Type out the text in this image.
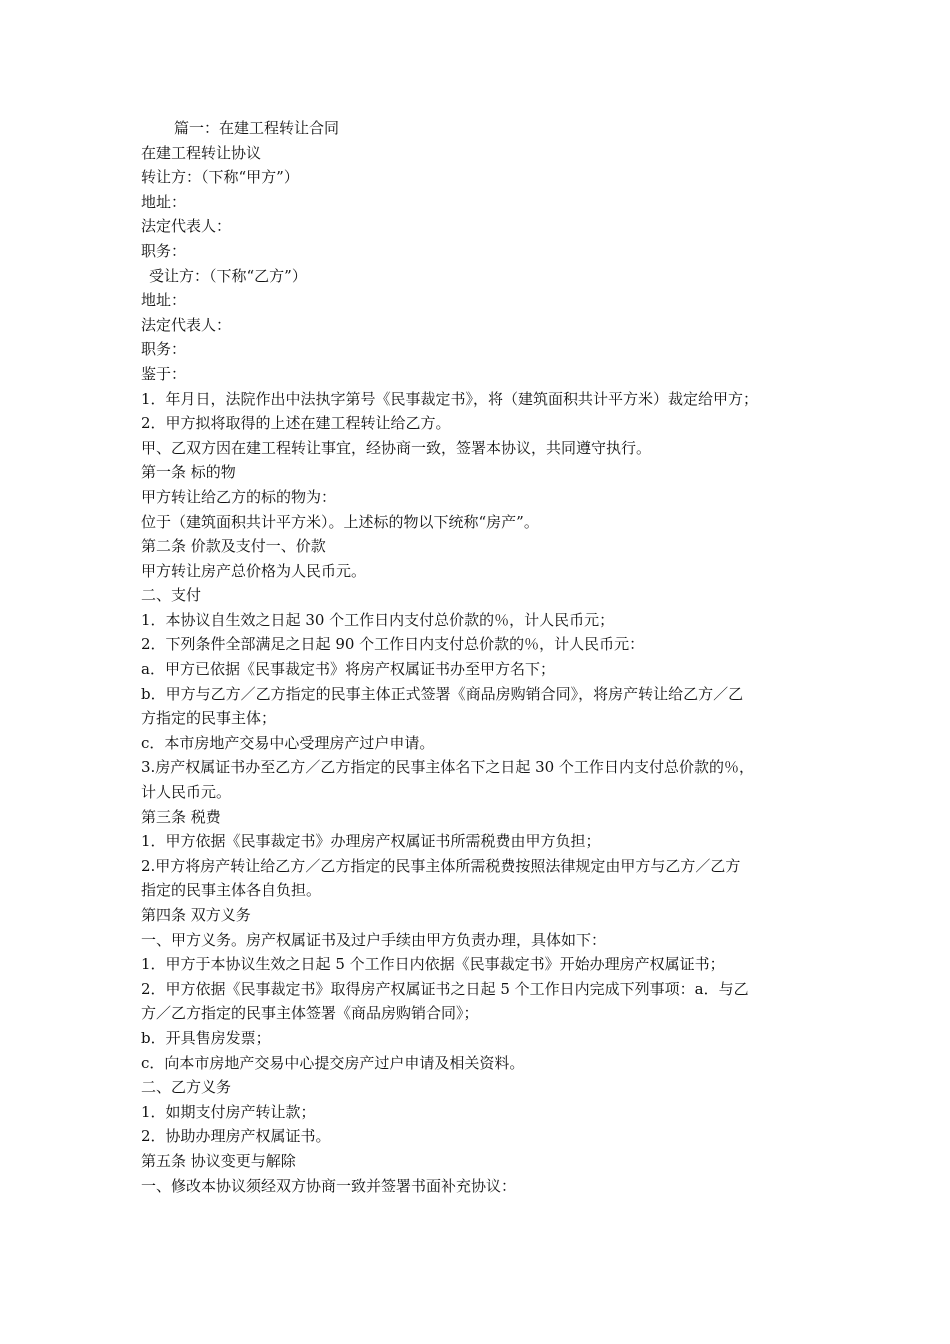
篇一：在建工程转让合同
在建工程转让协议
转让方：（下称“甲方”）
地址：
法定代表人：
职务：
受让方：（下称“乙方”）
地址：
法定代表人：
职务：
鉴于：
1．年月日，法院作出中法执字第号《民事裁定书》，将（建筑面积共计平方米）裁定给甲方；
2．甲方拟将取得的上述在建工程转让给乙方。
甲、乙双方因在建工程转让事宜，经协商一致，签署本协议，共同遵守执行。
第一条 标的物
甲方转让给乙方的标的物为：
位于（建筑面积共计平方米）。上述标的物以下统称“房产”。
第二条 价款及支付一、价款
甲方转让房产总价格为人民币元。
二、支付
1．本协议自生效之日起 30 个工作日内支付总价款的％，计人民币元；
2．下列条件全部满足之日起 90 个工作日内支付总价款的％，计人民币元：
a．甲方已依据《民事裁定书》将房产权属证书办至甲方名下；
b．甲方与乙方／乙方指定的民事主体正式签署《商品房购销合同》，将房产转让给乙方／乙
方指定的民事主体；
c．本市房地产交易中心受理房产过户申请。
3.房产权属证书办至乙方／乙方指定的民事主体名下之日起 30 个工作日内支付总价款的％，
计人民币元。
第三条 税费
1．甲方依据《民事裁定书》办理房产权属证书所需税费由甲方负担；
2.甲方将房产转让给乙方／乙方指定的民事主体所需税费按照法律规定由甲方与乙方／乙方
指定的民事主体各自负担。
第四条 双方义务
一、甲方义务。房产权属证书及过户手续由甲方负责办理，具体如下：
1．甲方于本协议生效之日起 5 个工作日内依据《民事裁定书》开始办理房产权属证书；
2．甲方依据《民事裁定书》取得房产权属证书之日起 5 个工作日内完成下列事项：a．与乙
方／乙方指定的民事主体签署《商品房购销合同》；
b．开具售房发票；
c．向本市房地产交易中心提交房产过户申请及相关资料。
二、乙方义务
1．如期支付房产转让款；
2．协助办理房产权属证书。
第五条 协议变更与解除
一、修改本协议须经双方协商一致并签署书面补充协议：
